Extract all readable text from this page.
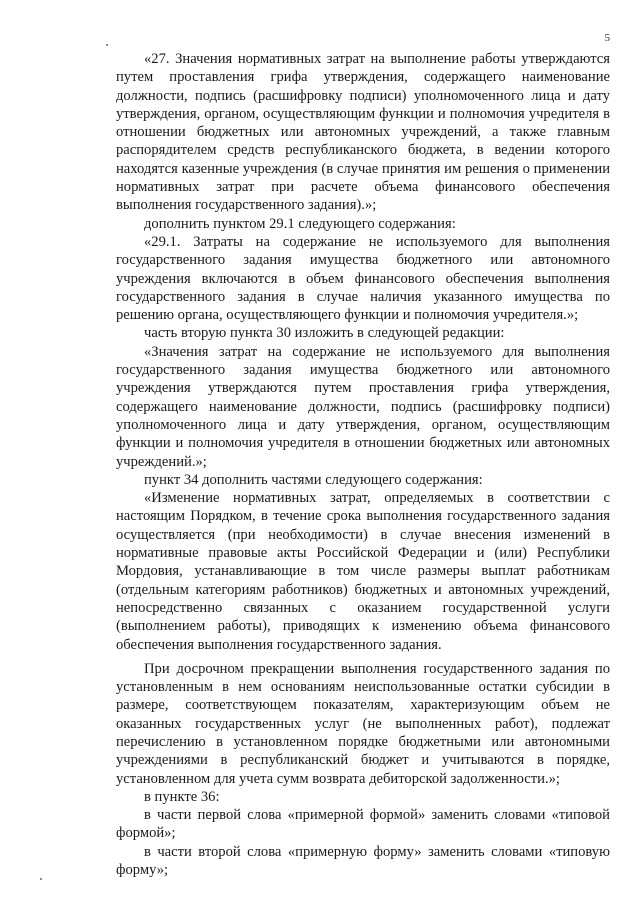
5

«27. Значения нормативных затрат на выполнение работы утверждаются путем проставления грифа утверждения, содержащего наименование должности, подпись (расшифровку подписи) уполномоченного лица и дату утверждения, органом, осуществляющим функции и полномочия учредителя в отношении бюджетных или автономных учреждений, а также главным распорядителем средств республиканского бюджета, в ведении которого находятся казенные учреждения (в случае принятия им решения о применении нормативных затрат при расчете объема финансового обеспечения выполнения государственного задания).»;

дополнить пунктом 29.1 следующего содержания:

«29.1. Затраты на содержание не используемого для выполнения государственного задания имущества бюджетного или автономного учреждения включаются в объем финансового обеспечения выполнения государственного задания в случае наличия указанного имущества по решению органа, осуществляющего функции и полномочия учредителя.»;

часть вторую пункта 30 изложить в следующей редакции:

«Значения затрат на содержание не используемого для выполнения государственного задания имущества бюджетного или автономного учреждения утверждаются путем проставления грифа утверждения, содержащего наименование должности, подпись (расшифровку подписи) уполномоченного лица и дату утверждения, органом, осуществляющим функции и полномочия учредителя в отношении бюджетных или автономных учреждений.»;

пункт 34 дополнить частями следующего содержания:

«Изменение нормативных затрат, определяемых в соответствии с настоящим Порядком, в течение срока выполнения государственного задания осуществляется (при необходимости) в случае внесения изменений в нормативные правовые акты Российской Федерации и (или) Республики Мордовия, устанавливающие в том числе размеры выплат работникам (отдельным категориям работников) бюджетных и автономных учреждений, непосредственно связанных с оказанием государственной услуги (выполнением работы), приводящих к изменению объема финансового обеспечения выполнения государственного задания.

При досрочном прекращении выполнения государственного задания по установленным в нем основаниям неиспользованные остатки субсидии в размере, соответствующем показателям, характеризующим объем не оказанных государственных услуг (не выполненных работ), подлежат перечислению в установленном порядке бюджетными или автономными учреждениями в республиканский бюджет и учитываются в порядке, установленном для учета сумм возврата дебиторской задолженности.»;

в пункте 36:

в части первой слова «примерной формой» заменить словами «типовой формой»;

в части второй слова «примерную форму» заменить словами «типовую форму»;
